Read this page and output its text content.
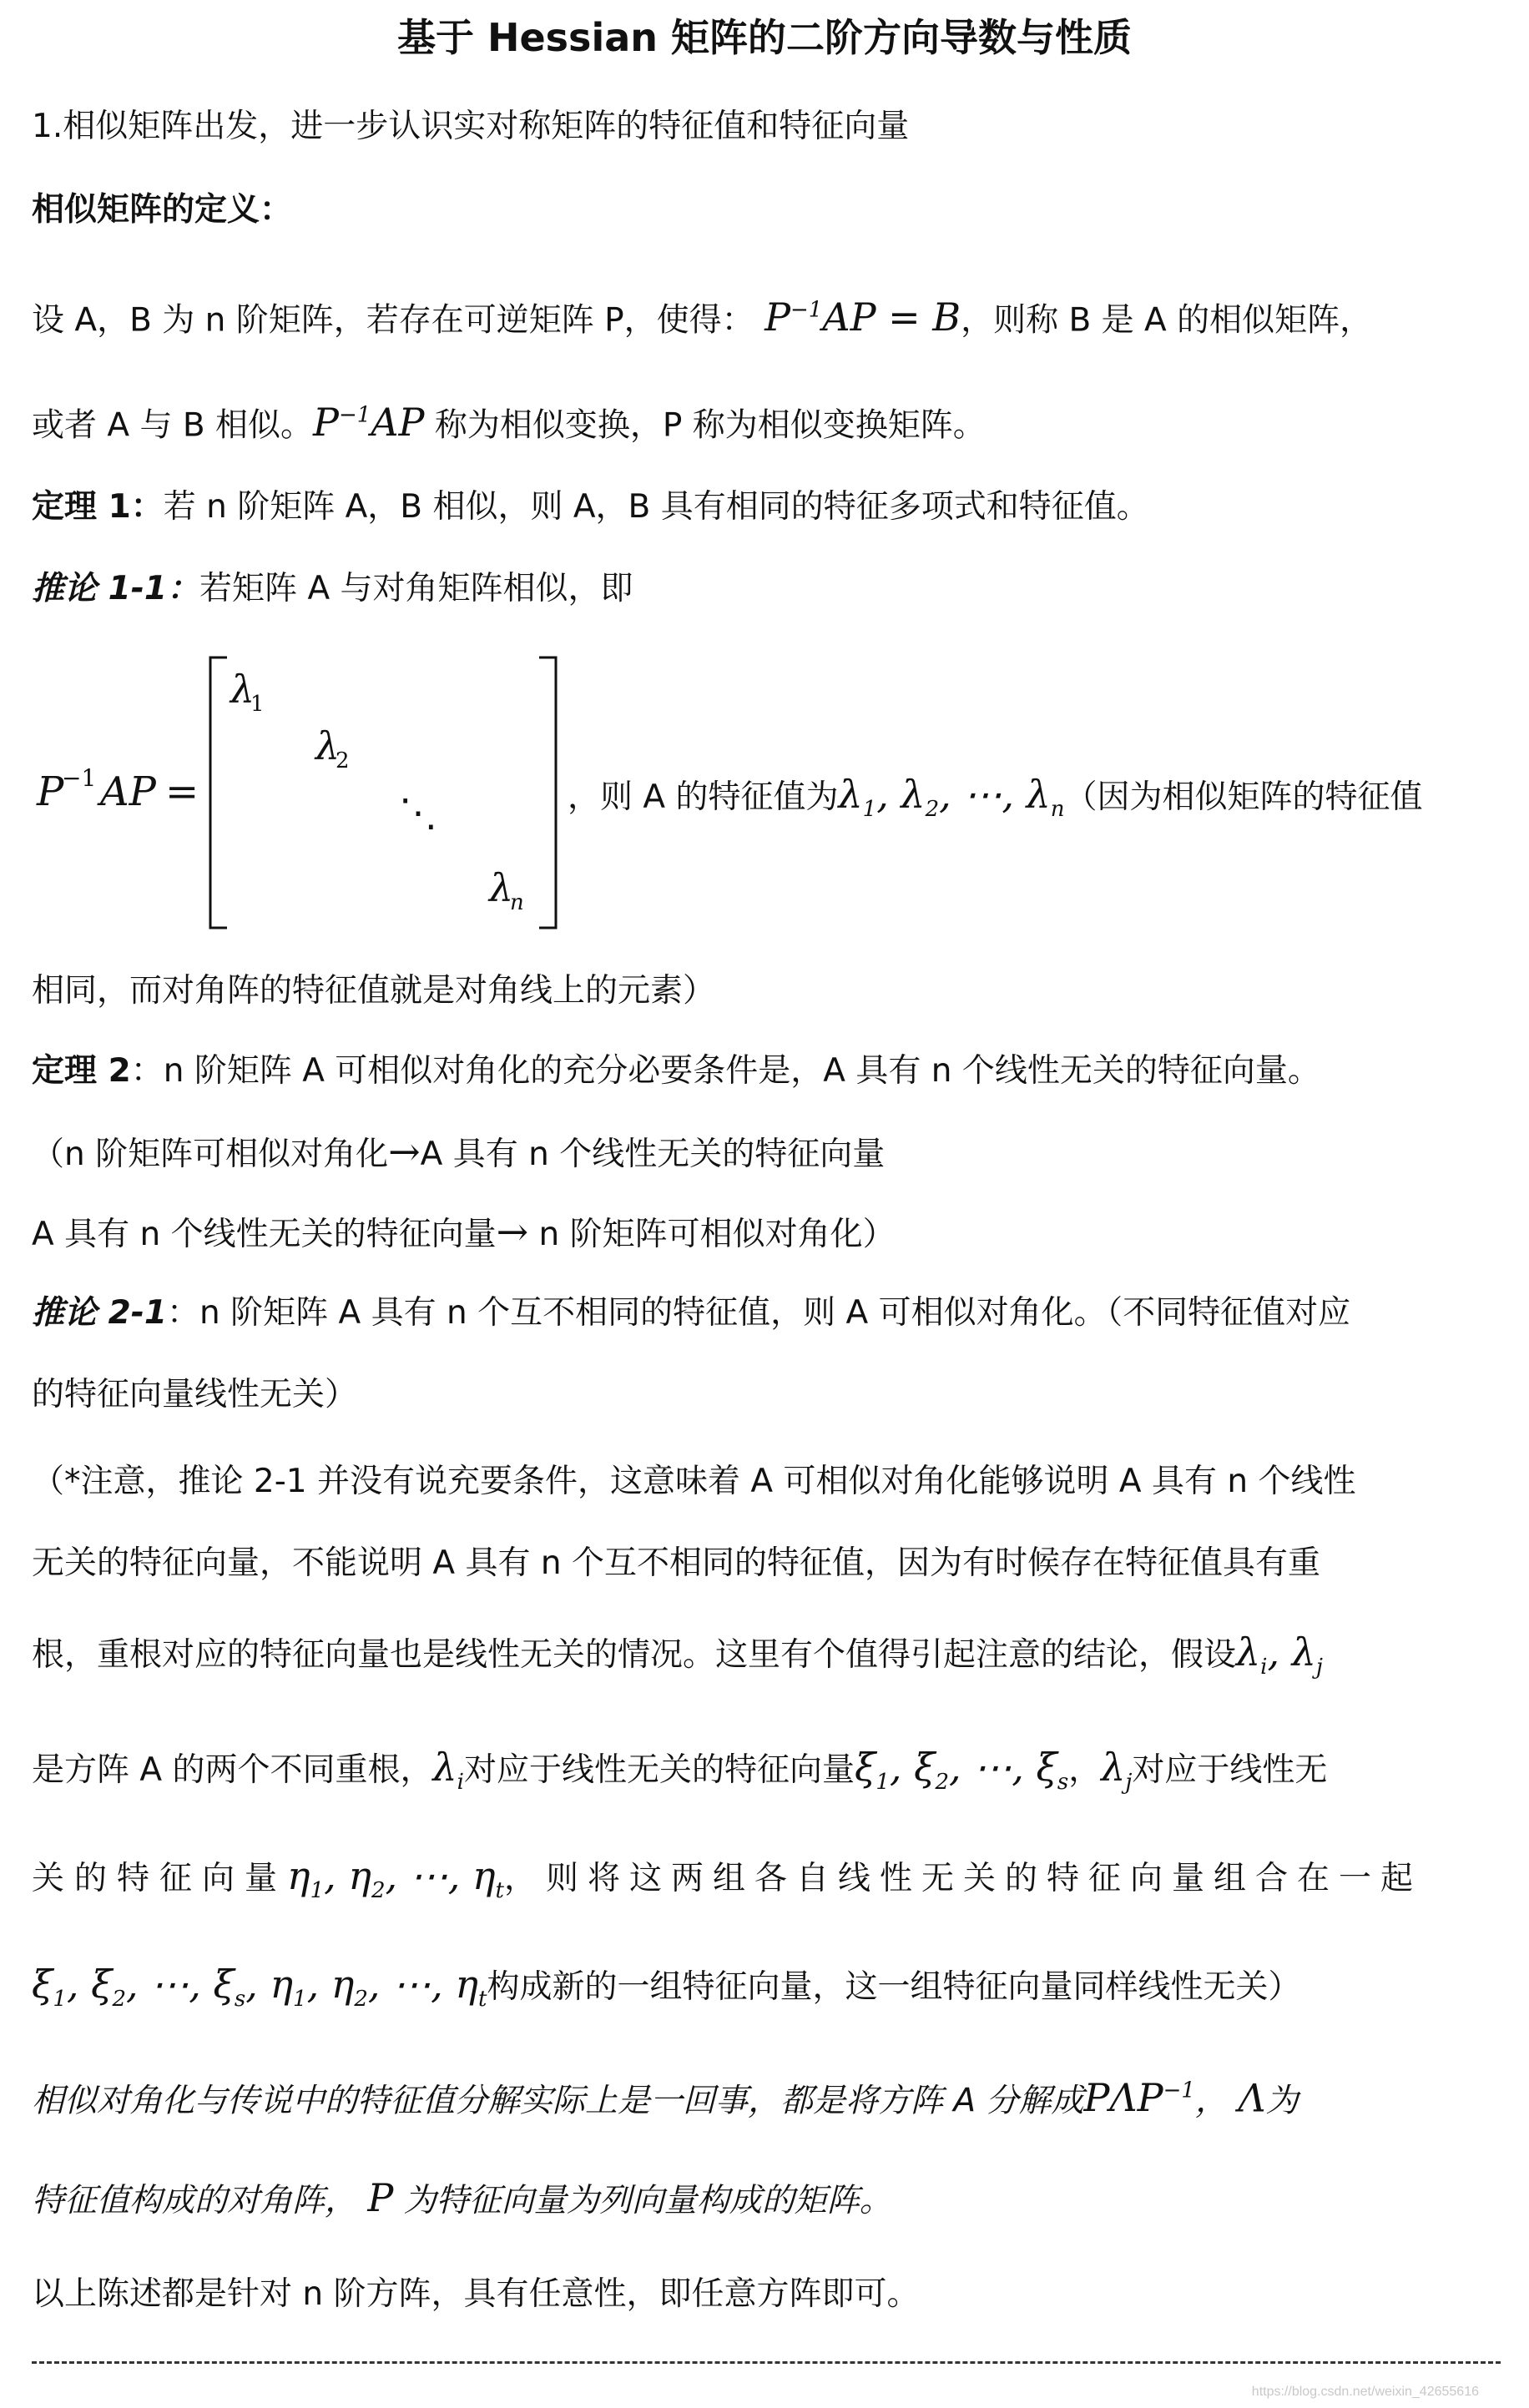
基于 Hessian 矩阵的二阶方向导数与性质
1.相似矩阵出发，进一步认识实对称矩阵的特征值和特征向量
相似矩阵的定义：
设 A，B 为 n 阶矩阵，若存在可逆矩阵 P，使得： $P^{-1}AP = B$，则称 B 是 A 的相似矩阵，
或者 A 与 B 相似。$P^{-1}AP$ 称为相似变换，P 称为相似变换矩阵。
定理 1：若 n 阶矩阵 A，B 相似，则 A，B 具有相同的特征多项式和特征值。
推论 1-1：若矩阵 A 与对角矩阵相似，即
P
−1 AP =
λ
1
λ
2
⋱
λ
n
，则 A 的特征值为$\lambda_1$, $\lambda_2$, ⋯, $\lambda_n$（因为相似矩阵的特征值
相同，而对角阵的特征值就是对角线上的元素）
定理 2：n 阶矩阵 A 可相似对角化的充分必要条件是，A 具有 n 个线性无关的特征向量。
（n 阶矩阵可相似对角化→A 具有 n 个线性无关的特征向量
A 具有 n 个线性无关的特征向量→ n 阶矩阵可相似对角化）
推论 2-1：n 阶矩阵 A 具有 n 个互不相同的特征值，则 A 可相似对角化。（不同特征值对应
的特征向量线性无关）
（*注意，推论 2-1 并没有说充要条件，这意味着 A 可相似对角化能够说明 A 具有 n 个线性
无关的特征向量，不能说明 A 具有 n 个互不相同的特征值，因为有时候存在特征值具有重
根，重根对应的特征向量也是线性无关的情况。这里有个值得引起注意的结论，假设$\lambda_i$, $\lambda_j$
是方阵 A 的两个不同重根，$\lambda_i$对应于线性无关的特征向量$\xi_1$, $\xi_2$, ⋯, $\xi_s$，$\lambda_j$对应于线性无
关的特征向量$\eta_1$, $\eta_2$, ⋯, $\eta_t$，则将这两组各自线性无关的特征向量组合在一起
$\xi_1$, $\xi_2$, ⋯, $\xi_s$, $\eta_1$, $\eta_2$, ⋯, $\eta_t$构成新的一组特征向量，这一组特征向量同样线性无关）
相似对角化与传说中的特征值分解实际上是一回事，都是将方阵 A 分解成$P\Lambda P^{-1}$， Λ为
特征值构成的对角阵， P 为特征向量为列向量构成的矩阵。
以上陈述都是针对 n 阶方阵，具有任意性，即任意方阵即可。
https://blog.csdn.net/weixin_42655616
